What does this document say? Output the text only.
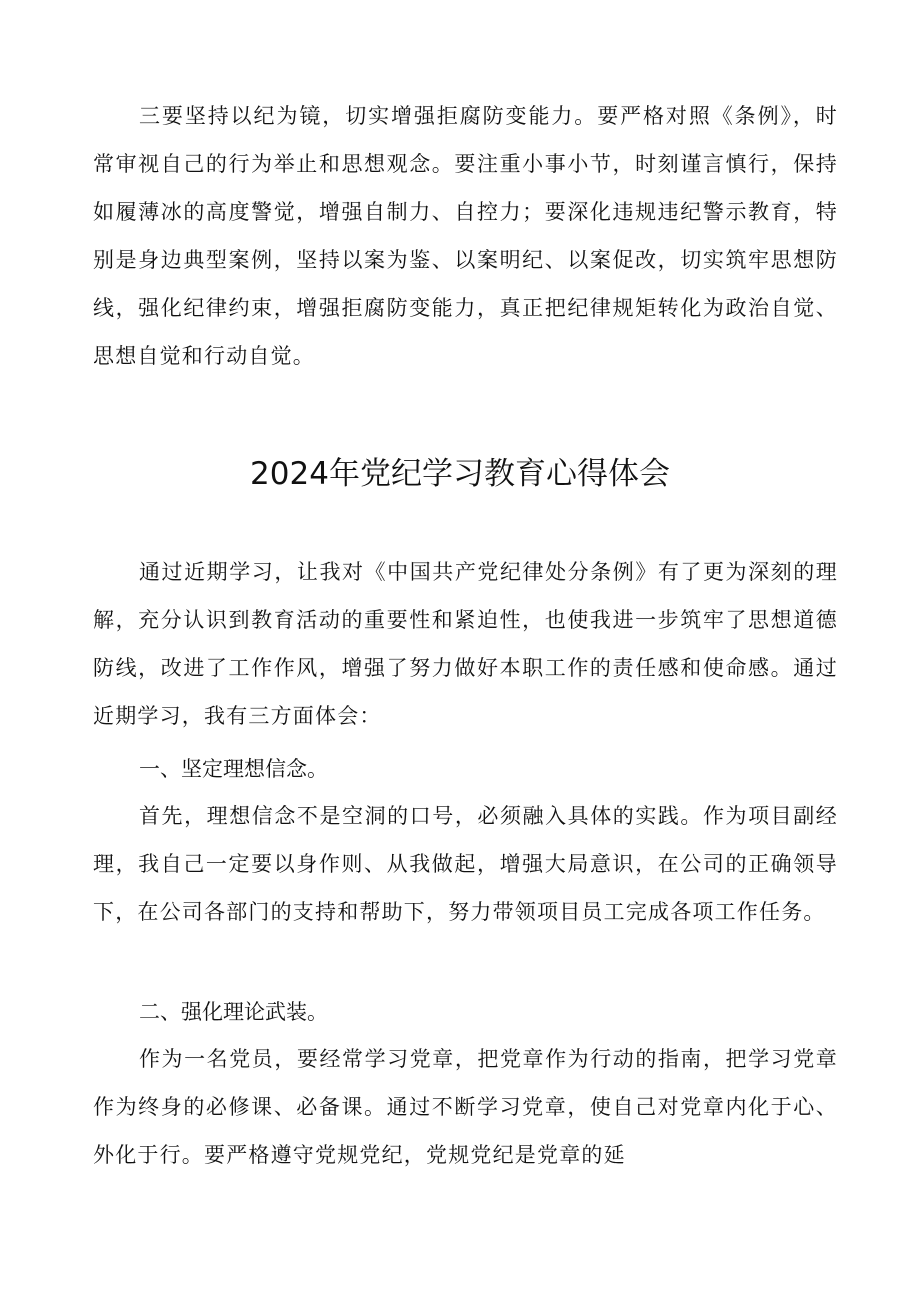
三要坚持以纪为镜，切实增强拒腐防变能力。要严格对照《条例》，时常审视自己的行为举止和思想观念。要注重小事小节，时刻谨言慎行，保持如履薄冰的高度警觉，增强自制力、自控力；要深化违规违纪警示教育，特别是身边典型案例，坚持以案为鉴、以案明纪、以案促改，切实筑牢思想防线，强化纪律约束，增强拒腐防变能力，真正把纪律规矩转化为政治自觉、思想自觉和行动自觉。

2024年党纪学习教育心得体会

通过近期学习，让我对《中国共产党纪律处分条例》有了更为深刻的理解，充分认识到教育活动的重要性和紧迫性，也使我进一步筑牢了思想道德防线，改进了工作作风，增强了努力做好本职工作的责任感和使命感。通过近期学习，我有三方面体会：

一、坚定理想信念。

首先，理想信念不是空洞的口号，必须融入具体的实践。作为项目副经理，我自己一定要以身作则、从我做起，增强大局意识，在公司的正确领导下，在公司各部门的支持和帮助下，努力带领项目员工完成各项工作任务。

二、强化理论武装。

作为一名党员，要经常学习党章，把党章作为行动的指南，把学习党章作为终身的必修课、必备课。通过不断学习党章，使自己对党章内化于心、外化于行。要严格遵守党规党纪，党规党纪是党章的延
